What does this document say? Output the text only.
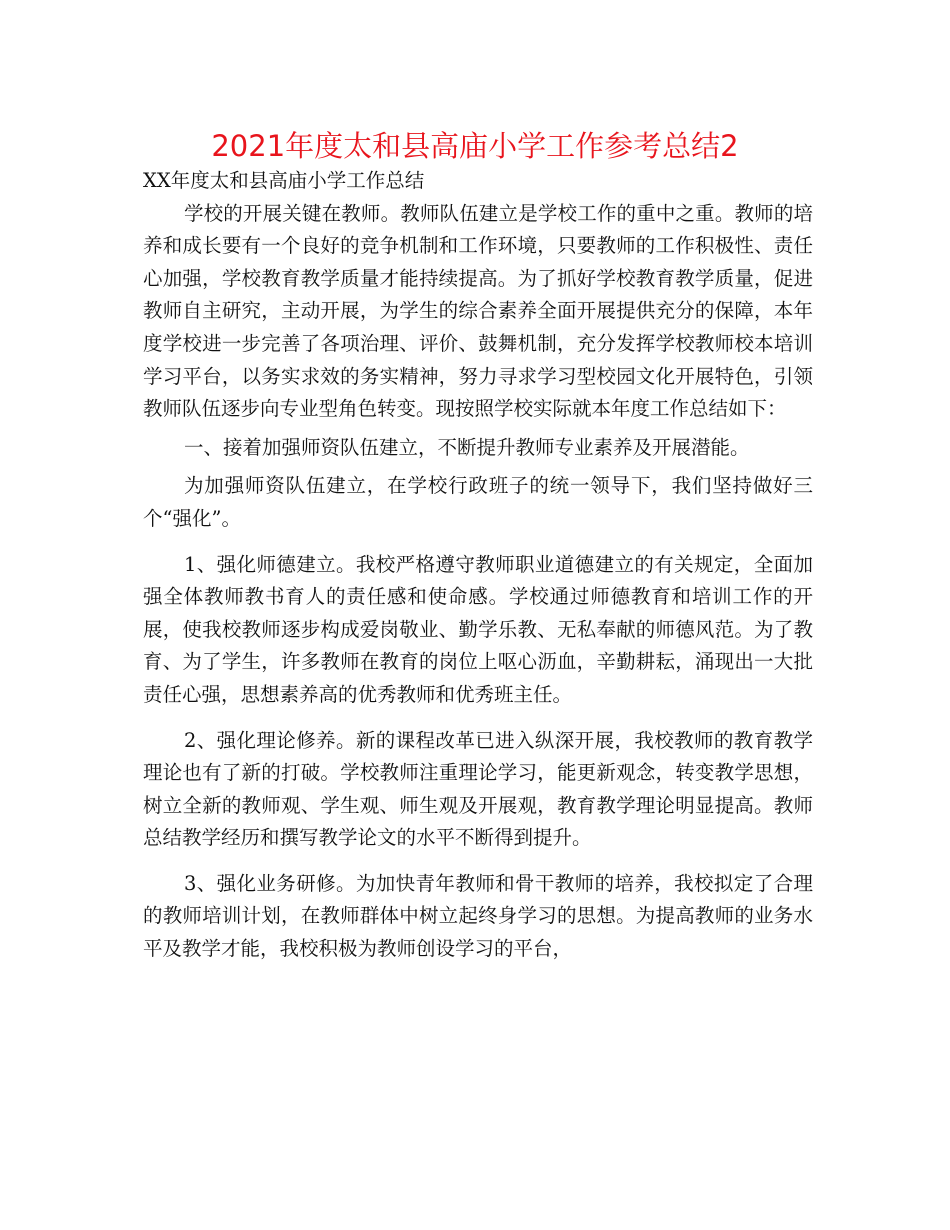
2021年度太和县高庙小学工作参考总结2

XX年度太和县高庙小学工作总结

学校的开展关键在教师。教师队伍建立是学校工作的重中之重。教师的培养和成长要有一个良好的竞争机制和工作环境，只要教师的工作积极性、责任心加强，学校教育教学质量才能持续提高。为了抓好学校教育教学质量，促进教师自主研究，主动开展，为学生的综合素养全面开展提供充分的保障，本年度学校进一步完善了各项治理、评价、鼓舞机制，充分发挥学校教师校本培训学习平台，以务实求效的务实精神，努力寻求学习型校园文化开展特色，引领教师队伍逐步向专业型角色转变。现按照学校实际就本年度工作总结如下：

一、接着加强师资队伍建立，不断提升教师专业素养及开展潜能。

为加强师资队伍建立，在学校行政班子的统一领导下，我们坚持做好三个“强化”。

1、强化师德建立。我校严格遵守教师职业道德建立的有关规定，全面加强全体教师教书育人的责任感和使命感。学校通过师德教育和培训工作的开展，使我校教师逐步构成爱岗敬业、勤学乐教、无私奉献的师德风范。为了教育、为了学生，许多教师在教育的岗位上呕心沥血，辛勤耕耘，涌现出一大批责任心强，思想素养高的优秀教师和优秀班主任。

2、强化理论修养。新的课程改革已进入纵深开展，我校教师的教育教学理论也有了新的打破。学校教师注重理论学习，能更新观念，转变教学思想，树立全新的教师观、学生观、师生观及开展观，教育教学理论明显提高。教师总结教学经历和撰写教学论文的水平不断得到提升。

3、强化业务研修。为加快青年教师和骨干教师的培养，我校拟定了合理的教师培训计划，在教师群体中树立起终身学习的思想。为提高教师的业务水平及教学才能，我校积极为教师创设学习的平台，
